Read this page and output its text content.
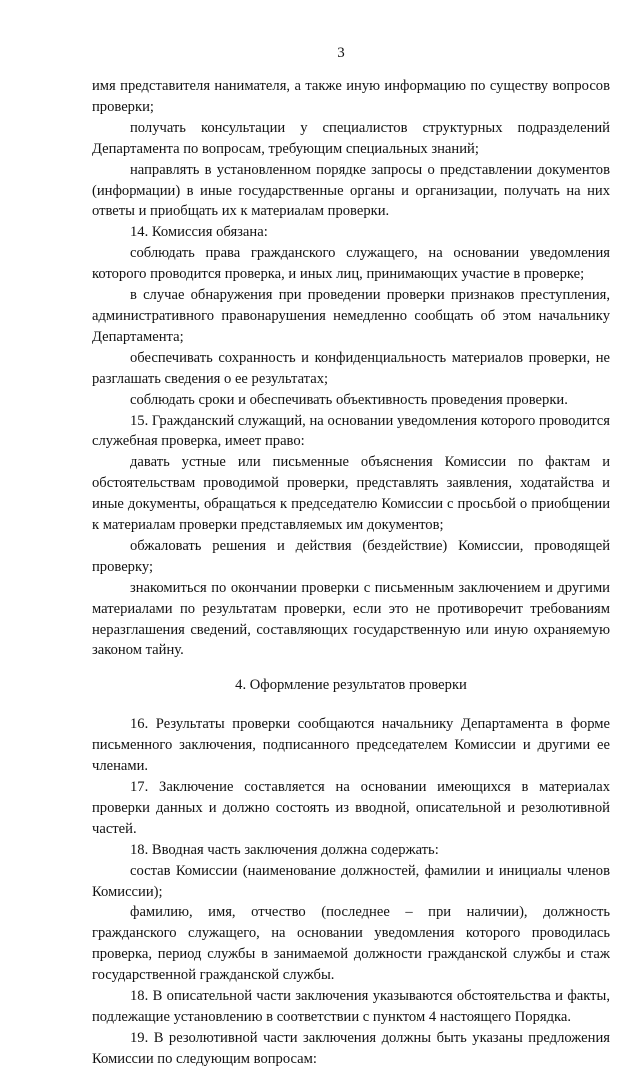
3

имя представителя нанимателя, а также иную информацию по существу вопросов проверки;

получать консультации у специалистов структурных подразделений Департамента по вопросам, требующим специальных знаний;

направлять в установленном порядке запросы о представлении документов (информации) в иные государственные органы и организации, получать на них ответы и приобщать их к материалам проверки.

14. Комиссия обязана:

соблюдать права гражданского служащего, на основании уведомления которого проводится проверка, и иных лиц, принимающих участие в проверке;

в случае обнаружения при проведении проверки признаков преступления, административного правонарушения немедленно сообщать об этом начальнику Департамента;

обеспечивать сохранность и конфиденциальность материалов проверки, не разглашать сведения о ее результатах;

соблюдать сроки и обеспечивать объективность проведения проверки.

15. Гражданский служащий, на основании уведомления которого проводится служебная проверка, имеет право:

давать устные или письменные объяснения Комиссии по фактам и обстоятельствам проводимой проверки, представлять заявления, ходатайства и иные документы, обращаться к председателю Комиссии с просьбой о приобщении к материалам проверки представляемых им документов;

обжаловать решения и действия (бездействие) Комиссии, проводящей проверку;

знакомиться по окончании проверки с письменным заключением и другими материалами по результатам проверки, если это не противоречит требованиям неразглашения сведений, составляющих государственную или иную охраняемую законом тайну.

4. Оформление результатов проверки

16. Результаты проверки сообщаются начальнику Департамента в форме письменного заключения, подписанного председателем Комиссии и другими ее членами.

17. Заключение составляется на основании имеющихся в материалах проверки данных и должно состоять из вводной, описательной и резолютивной частей.

18. Вводная часть заключения должна содержать:

состав Комиссии (наименование должностей, фамилии и инициалы членов Комиссии);

фамилию, имя, отчество (последнее – при наличии), должность гражданского служащего, на основании уведомления которого проводилась проверка, период службы в занимаемой должности гражданской службы и стаж государственной гражданской службы.

18. В описательной части заключения указываются обстоятельства и факты, подлежащие установлению в соответствии с пунктом 4 настоящего Порядка.

19. В резолютивной части заключения должны быть указаны предложения Комиссии по следующим вопросам:
